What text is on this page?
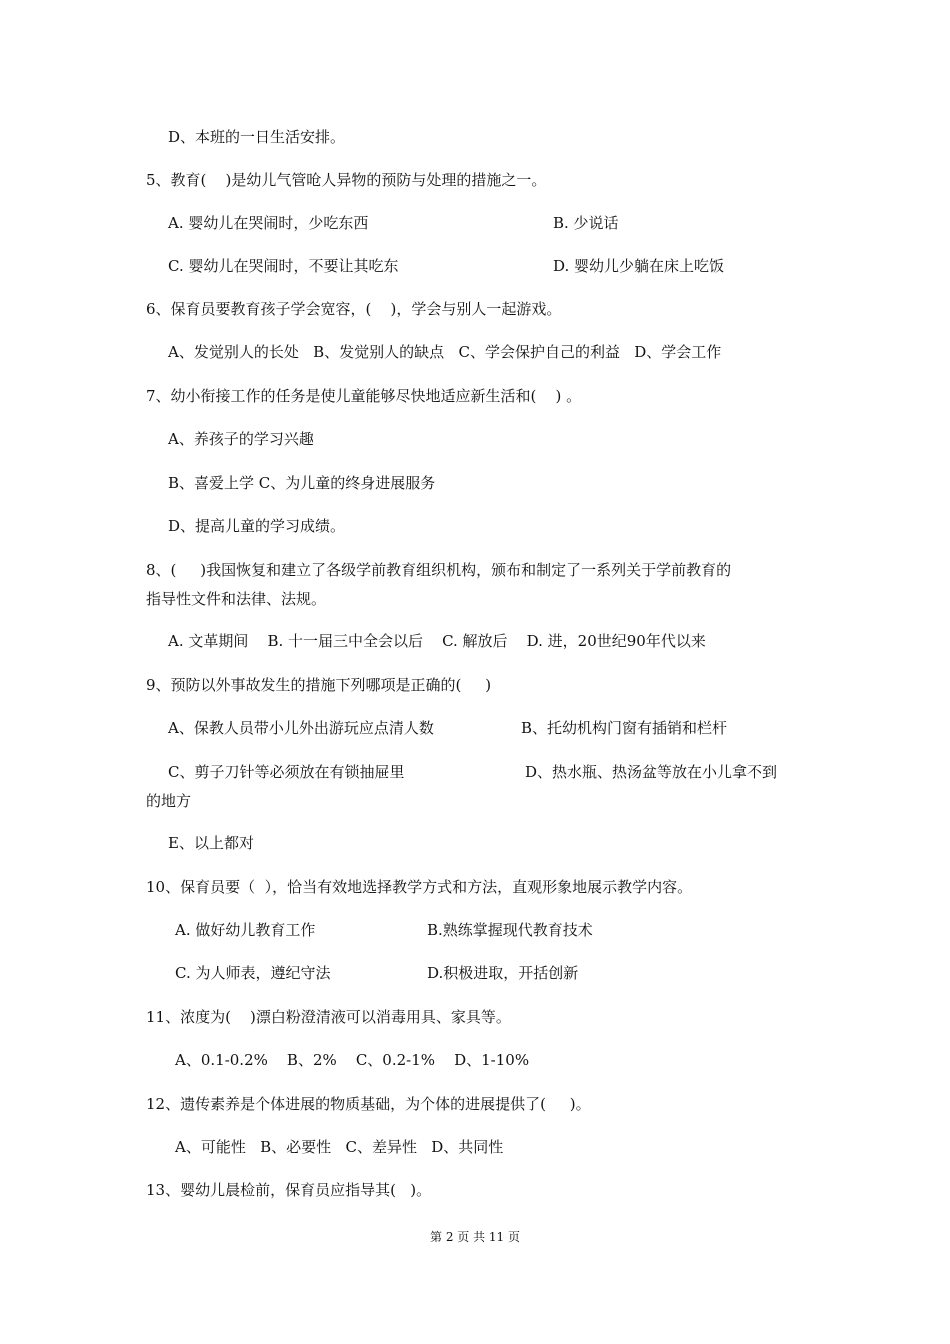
D、本班的一日生活安排。

5、教育(    )是幼儿气管呛人异物的预防与处理的措施之一。

A. 婴幼儿在哭闹时，少吃东西	B. 少说话

C. 婴幼儿在哭闹时，不要让其吃东	D. 婴幼儿少躺在床上吃饭

6、保育员要教育孩子学会宽容，(    )，学会与别人一起游戏。

A、发觉别人的长处   B、发觉别人的缺点   C、学会保护自己的利益   D、学会工作

7、幼小衔接工作的任务是使儿童能够尽快地适应新生活和(    ) 。

A、养孩子的学习兴趣

B、喜爱上学 C、为儿童的终身进展服务

D、提高儿童的学习成绩。

8、(     )我国恢复和建立了各级学前教育组织机构，颁布和制定了一系列关于学前教育的

指导性文件和法律、法规。

A. 文革期间    B. 十一届三中全会以后    C. 解放后    D. 进，20世纪90年代以来

9、预防以外事故发生的措施下列哪项是正确的(     )

A、保教人员带小儿外出游玩应点清人数	B、托幼机构门窗有插销和栏杆

C、剪子刀针等必须放在有锁抽屉里	D、热水瓶、热汤盆等放在小儿拿不到

的地方

E、以上都对

10、保育员要（  ），恰当有效地选择教学方式和方法，直观形象地展示教学内容。

A. 做好幼儿教育工作	B.熟练掌握现代教育技术

C. 为人师表，遵纪守法	D.积极进取，开括创新

11、浓度为(    )漂白粉澄清液可以消毒用具、家具等。

A、0.1-0.2%    B、2%    C、0.2-1%    D、1-10%

12、遗传素养是个体进展的物质基础，为个体的进展提供了(     )。

A、可能性   B、必要性   C、差异性   D、共同性

13、婴幼儿晨检前，保育员应指导其(   )。

第 2 页 共 11 页
